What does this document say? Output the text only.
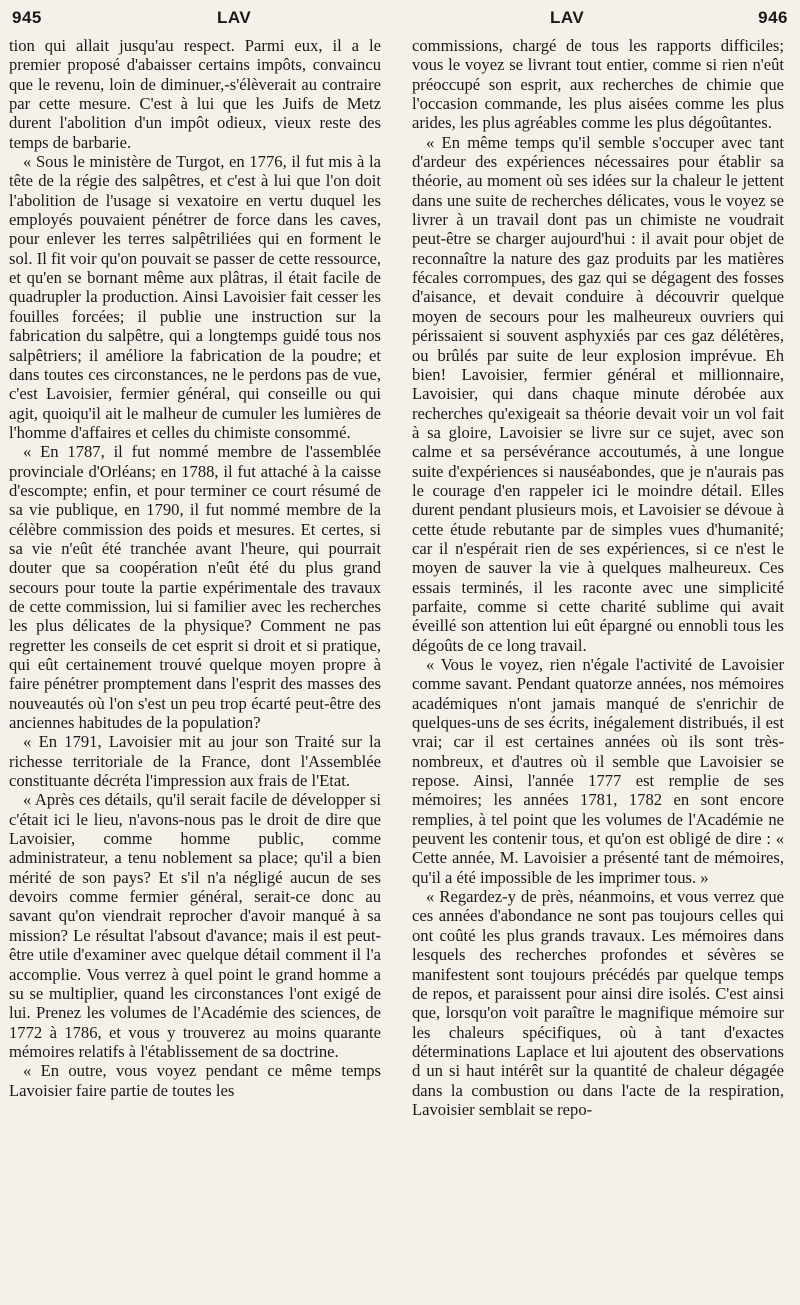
945	LAV	LAV	946

tion qui allait jusqu'au respect. Parmi eux, il a le premier proposé d'abaisser certains impôts, convaincu que le revenu, loin de diminuer,-s'élèverait au contraire par cette mesure. C'est à lui que les Juifs de Metz durent l'abolition d'un impôt odieux, vieux reste des temps de barbarie.

« Sous le ministère de Turgot, en 1776, il fut mis à la tête de la régie des salpêtres, et c'est à lui que l'on doit l'abolition de l'usage si vexatoire en vertu duquel les employés pouvaient pénétrer de force dans les caves, pour enlever les terres salpêtriliées qui en forment le sol. Il fit voir qu'on pouvait se passer de cette ressource, et qu'en se bornant même aux plâtras, il était facile de quadrupler la production. Ainsi Lavoisier fait cesser les fouilles forcées; il publie une instruction sur la fabrication du salpêtre, qui a longtemps guidé tous nos salpêtriers; il améliore la fabrication de la poudre; et dans toutes ces circonstances, ne le perdons pas de vue, c'est Lavoisier, fermier général, qui conseille ou qui agit, quoiqu'il ait le malheur de cumuler les lumières de l'homme d'affaires et celles du chimiste consommé.

« En 1787, il fut nommé membre de l'assemblée provinciale d'Orléans; en 1788, il fut attaché à la caisse d'escompte; enfin, et pour terminer ce court résumé de sa vie publique, en 1790, il fut nommé membre de la célèbre commission des poids et mesures. Et certes, si sa vie n'eût été tranchée avant l'heure, qui pourrait douter que sa coopération n'eût été du plus grand secours pour toute la partie expérimentale des travaux de cette commission, lui si familier avec les recherches les plus délicates de la physique? Comment ne pas regretter les conseils de cet esprit si droit et si pratique, qui eût certainement trouvé quelque moyen propre à faire pénétrer promptement dans l'esprit des masses des nouveautés où l'on s'est un peu trop écarté peut-être des anciennes habitudes de la population?

« En 1791, Lavoisier mit au jour son Traité sur la richesse territoriale de la France, dont l'Assemblée constituante décréta l'impression aux frais de l'Etat.

« Après ces détails, qu'il serait facile de développer si c'était ici le lieu, n'avons-nous pas le droit de dire que Lavoisier, comme homme public, comme administrateur, a tenu noblement sa place; qu'il a bien mérité de son pays? Et s'il n'a négligé aucun de ses devoirs comme fermier général, serait-ce donc au savant qu'on viendrait reprocher d'avoir manqué à sa mission? Le résultat l'absout d'avance; mais il est peut-être utile d'examiner avec quelque détail comment il l'a accomplie. Vous verrez à quel point le grand homme a su se multiplier, quand les circonstances l'ont exigé de lui. Prenez les volumes de l'Académie des sciences, de 1772 à 1786, et vous y trouverez au moins quarante mémoires relatifs à l'établissement de sa doctrine.

« En outre, vous voyez pendant ce même temps Lavoisier faire partie de toutes les

commissions, chargé de tous les rapports difficiles; vous le voyez se livrant tout entier, comme si rien n'eût préoccupé son esprit, aux recherches de chimie que l'occasion commande, les plus aisées comme les plus arides, les plus agréables comme les plus dégoûtantes.

« En même temps qu'il semble s'occuper avec tant d'ardeur des expériences nécessaires pour établir sa théorie, au moment où ses idées sur la chaleur le jettent dans une suite de recherches délicates, vous le voyez se livrer à un travail dont pas un chimiste ne voudrait peut-être se charger aujourd'hui : il avait pour objet de reconnaître la nature des gaz produits par les matières fécales corrompues, des gaz qui se dégagent des fosses d'aisance, et devait conduire à découvrir quelque moyen de secours pour les malheureux ouvriers qui périssaient si souvent asphyxiés par ces gaz délétères, ou brûlés par suite de leur explosion imprévue. Eh bien! Lavoisier, fermier général et millionnaire, Lavoisier, qui dans chaque minute dérobée aux recherches qu'exigeait sa théorie devait voir un vol fait à sa gloire, Lavoisier se livre sur ce sujet, avec son calme et sa persévérance accoutumés, à une longue suite d'expériences si nauséabondes, que je n'aurais pas le courage d'en rappeler ici le moindre détail. Elles durent pendant plusieurs mois, et Lavoisier se dévoue à cette étude rebutante par de simples vues d'humanité; car il n'espérait rien de ses expériences, si ce n'est le moyen de sauver la vie à quelques malheureux. Ces essais terminés, il les raconte avec une simplicité parfaite, comme si cette charité sublime qui avait éveillé son attention lui eût épargné ou ennobli tous les dégoûts de ce long travail.

« Vous le voyez, rien n'égale l'activité de Lavoisier comme savant. Pendant quatorze années, nos mémoires académiques n'ont jamais manqué de s'enrichir de quelques-uns de ses écrits, inégalement distribués, il est vrai; car il est certaines années où ils sont très-nombreux, et d'autres où il semble que Lavoisier se repose. Ainsi, l'année 1777 est remplie de ses mémoires; les années 1781, 1782 en sont encore remplies, à tel point que les volumes de l'Académie ne peuvent les contenir tous, et qu'on est obligé de dire : « Cette année, M. Lavoisier a présenté tant de mémoires, qu'il a été impossible de les imprimer tous. »

« Regardez-y de près, néanmoins, et vous verrez que ces années d'abondance ne sont pas toujours celles qui ont coûté les plus grands travaux. Les mémoires dans lesquels des recherches profondes et sévères se manifestent sont toujours précédés par quelque temps de repos, et paraissent pour ainsi dire isolés. C'est ainsi que, lorsqu'on voit paraître le magnifique mémoire sur les chaleurs spécifiques, où à tant d'exactes déterminations Laplace et lui ajoutent des observations d un si haut intérêt sur la quantité de chaleur dégagée dans la combustion ou dans l'acte de la respiration, Lavoisier semblait se repo-
